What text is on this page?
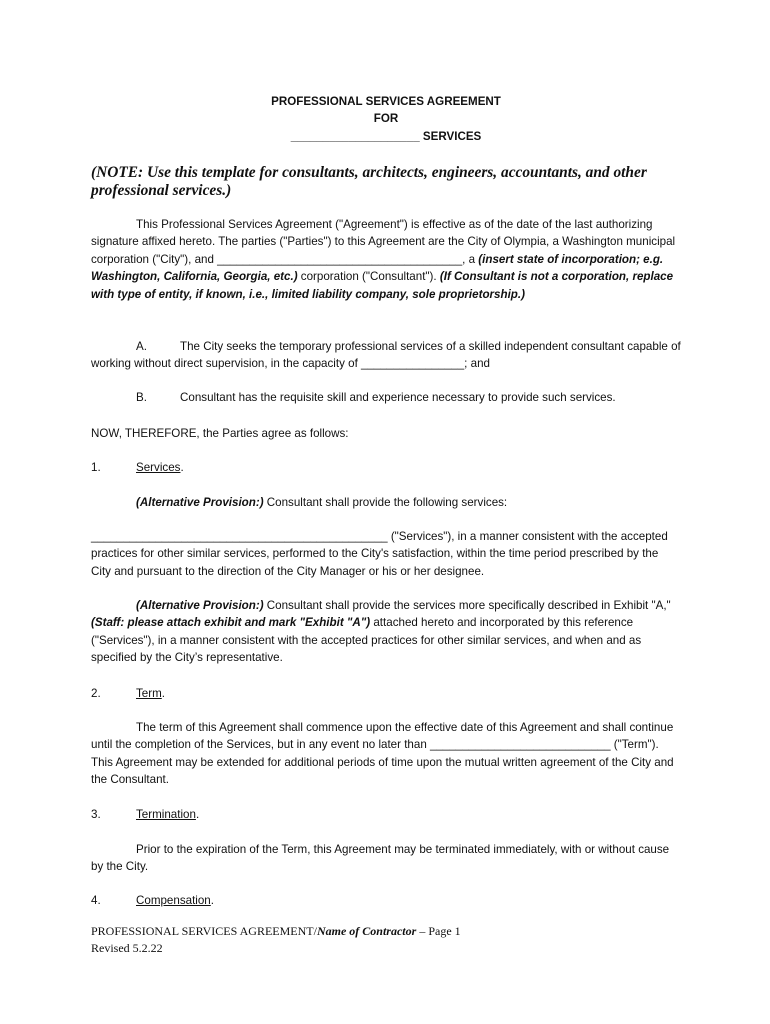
PROFESSIONAL SERVICES AGREEMENT
FOR
____________________ SERVICES
(NOTE: Use this template for consultants, architects, engineers, accountants, and other professional services.)
This Professional Services Agreement ("Agreement") is effective as of the date of the last authorizing signature affixed hereto. The parties ("Parties") to this Agreement are the City of Olympia, a Washington municipal corporation ("City"), and ______________________________________, a (insert state of incorporation; e.g. Washington, California, Georgia, etc.) corporation ("Consultant"). (If Consultant is not a corporation, replace with type of entity, if known, i.e., limited liability company, sole proprietorship.)
A.	The City seeks the temporary professional services of a skilled independent consultant capable of working without direct supervision, in the capacity of ________________; and
B.	Consultant has the requisite skill and experience necessary to provide such services.
NOW, THEREFORE, the Parties agree as follows:
1.	Services.
(Alternative Provision:) Consultant shall provide the following services:
______________________________________________ ("Services"), in a manner consistent with the accepted practices for other similar services, performed to the City's satisfaction, within the time period prescribed by the City and pursuant to the direction of the City Manager or his or her designee.
(Alternative Provision:) Consultant shall provide the services more specifically described in Exhibit "A," (Staff: please attach exhibit and mark "Exhibit "A") attached hereto and incorporated by this reference ("Services"), in a manner consistent with the accepted practices for other similar services, and when and as specified by the City’s representative.
2.	Term.
The term of this Agreement shall commence upon the effective date of this Agreement and shall continue until the completion of the Services, but in any event no later than ____________________________ ("Term"). This Agreement may be extended for additional periods of time upon the mutual written agreement of the City and the Consultant.
3.	Termination.
Prior to the expiration of the Term, this Agreement may be terminated immediately, with or without cause by the City.
4.	Compensation.
PROFESSIONAL SERVICES AGREEMENT/Name of Contractor – Page 1
Revised 5.2.22
